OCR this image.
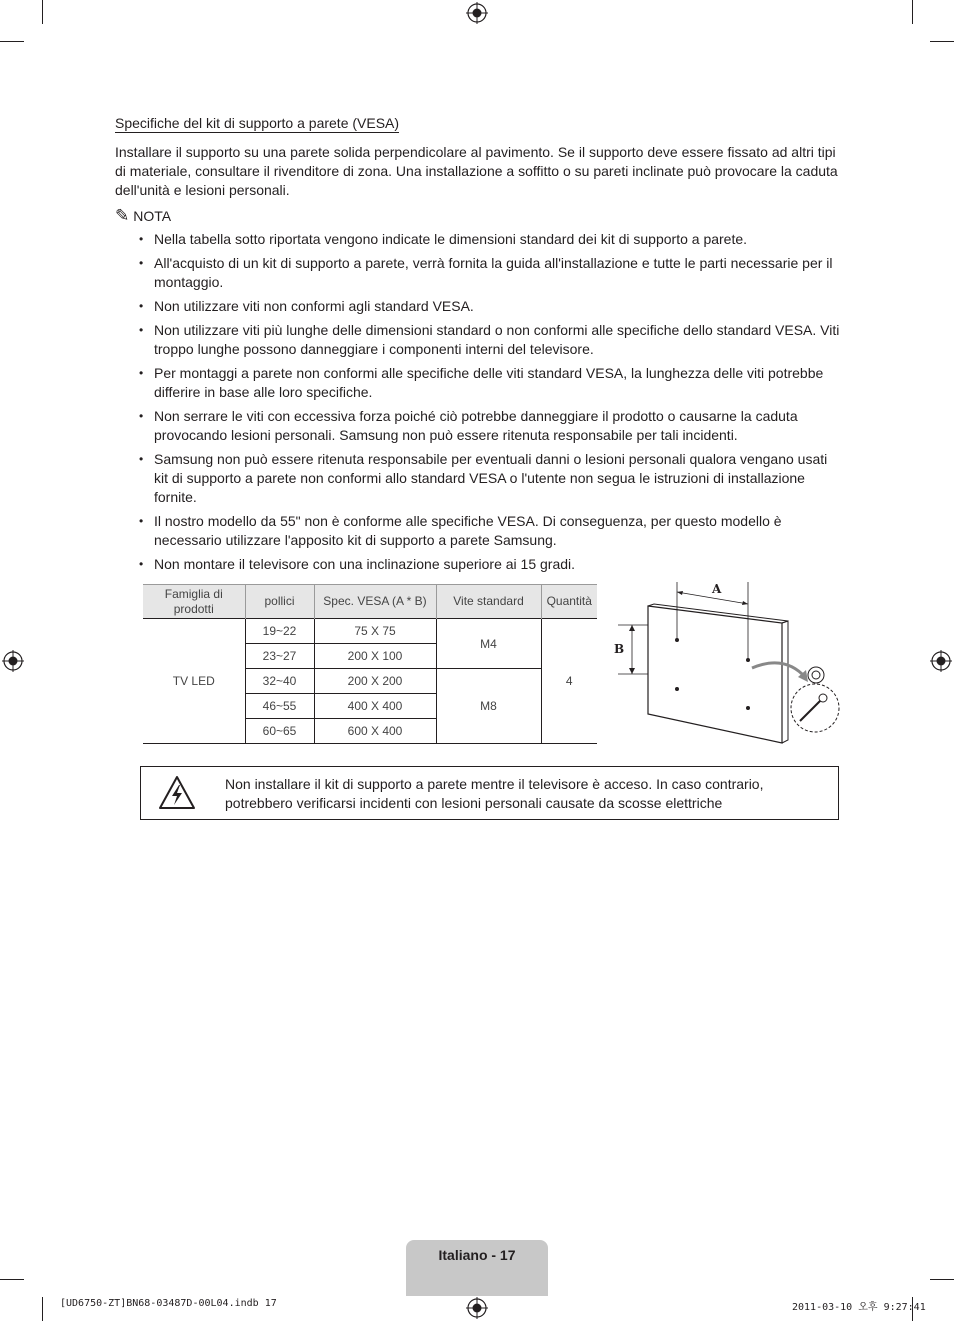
Specifiche del kit di supporto a parete (VESA)
Installare il supporto su una parete solida perpendicolare al pavimento. Se il supporto deve essere fissato ad altri tipi di materiale, consultare il rivenditore di zona. Una installazione a soffitto o su pareti inclinate può provocare la caduta dell'unità e lesioni personali.
✎ NOTA
• Nella tabella sotto riportata vengono indicate le dimensioni standard dei kit di supporto a parete.
• All'acquisto di un kit di supporto a parete, verrà fornita la guida all'installazione e tutte le parti necessarie per il montaggio.
• Non utilizzare viti non conformi agli standard VESA.
• Non utilizzare viti più lunghe delle dimensioni standard o non conformi alle specifiche dello standard VESA. Viti troppo lunghe possono danneggiare i componenti interni del televisore.
• Per montaggi a parete non conformi alle specifiche delle viti standard VESA, la lunghezza delle viti potrebbe differire in base alle loro specifiche.
• Non serrare le viti con eccessiva forza poiché ciò potrebbe danneggiare il prodotto o causarne la caduta provocando lesioni personali. Samsung non può essere ritenuta responsabile per tali incidenti.
• Samsung non può essere ritenuta responsabile per eventuali danni o lesioni personali qualora vengano usati kit di supporto a parete non conformi allo standard VESA o l'utente non segua le istruzioni di installazione fornite.
• Il nostro modello da 55" non è conforme alle specifiche VESA. Di conseguenza, per questo modello è necessario utilizzare l'apposito kit di supporto a parete Samsung.
• Non montare il televisore con una inclinazione superiore ai 15 gradi.
Famiglia di prodotti	pollici	Spec. VESA (A * B)	Vite standard	Quantità
TV LED	19~22	75 X 75	M4	4
	23~27	200 X 100		
	32~40	200 X 200	M8	
	46~55	400 X 400		
	60~65	600 X 400		
A
B
Non installare il kit di supporto a parete mentre il televisore è acceso. In caso contrario, potrebbero verificarsi incidenti con lesioni personali causate da scosse elettriche
Italiano - 17
[UD6750-ZT]BN68-03487D-00L04.indb 17	2011-03-10 오후 9:27:41
